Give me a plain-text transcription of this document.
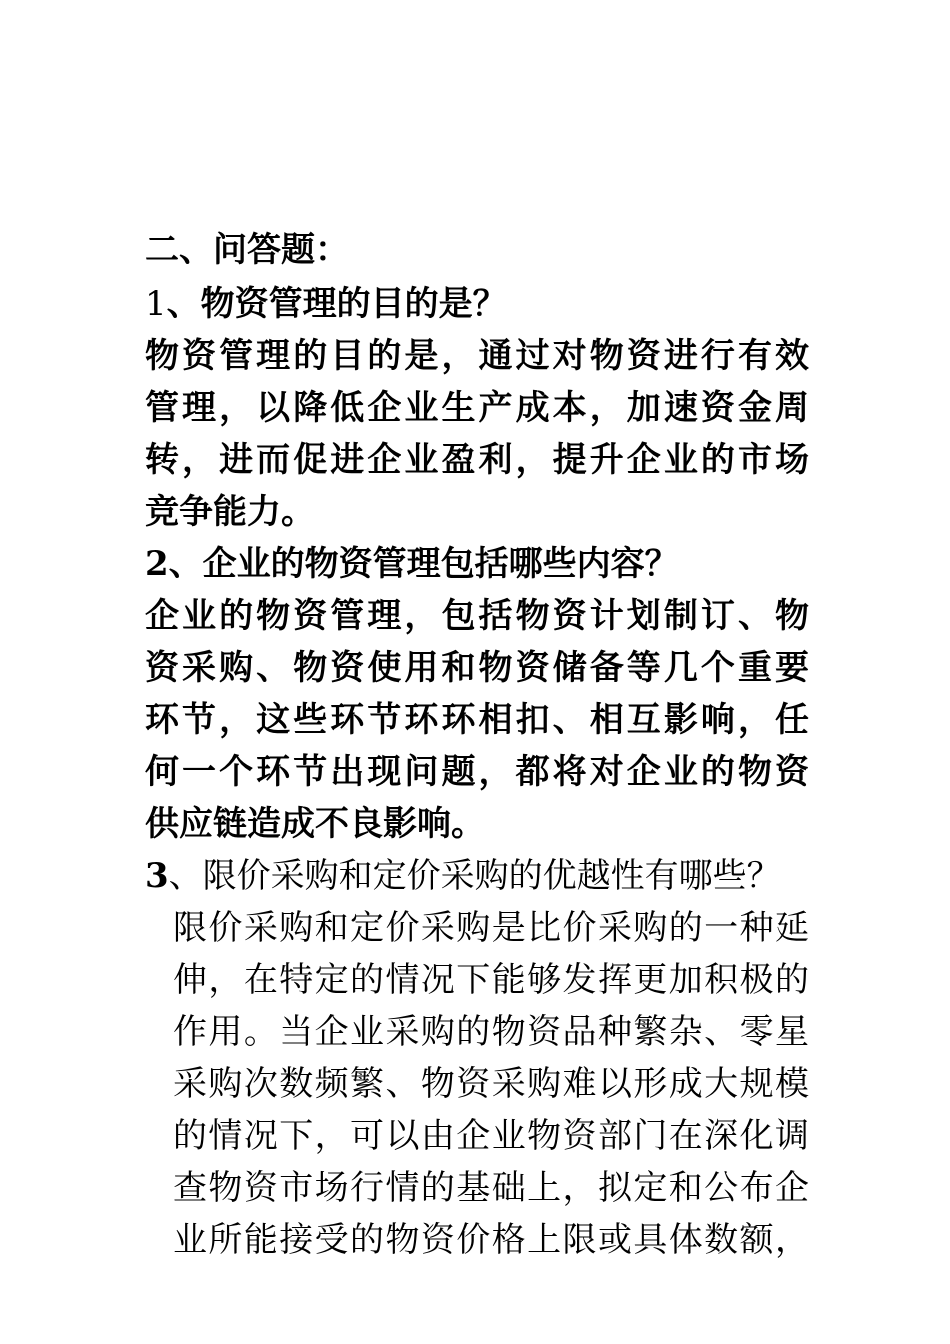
二、问答题：
1、物资管理的目的是？
物资管理的目的是，通过对物资进行有效
管理，以降低企业生产成本，加速资金周
转，进而促进企业盈利，提升企业的市场
竞争能力。
2、企业的物资管理包括哪些内容？
企业的物资管理，包括物资计划制订、物
资采购、物资使用和物资储备等几个重要
环节，这些环节环环相扣、相互影响，任
何一个环节出现问题，都将对企业的物资
供应链造成不良影响。
3、限价采购和定价采购的优越性有哪些？
限价采购和定价采购是比价采购的一种延
伸，在特定的情况下能够发挥更加积极的
作用。当企业采购的物资品种繁杂、零星
采购次数频繁、物资采购难以形成大规模
的情况下，可以由企业物资部门在深化调
查物资市场行情的基础上，拟定和公布企
业所能接受的物资价格上限或具体数额，
